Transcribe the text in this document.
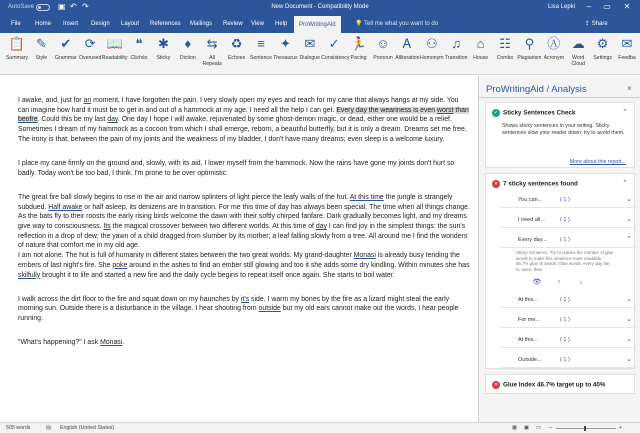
AutoSave	▣ ↶ ↷	New Document - Compatibility Mode	Lisa Lepki	–	▭	✕
File	Home	Insert	Design	Layout	References	Mailings	Review	View	Help	ProWritingAid	💡 Tell me what you want to do	⇪ Share
📋
Summary
✎
Style
✔
Grammar
⟳
Overused
📖
Readability
❝
Clichés
✱
Sticky
♦
Diction
⇆
All Repeats
♻
Echoes
≡
Sentence
✦
Thesaurus
✉
Dialogue
✓
Consistency
🏃
Pacing
☺
Pronoun
Ꭺ
Alliteration
⚇
Homonym
♫
Transition
⌂
House
☷
Combo
⚲
Plagiarism
Ⓐ
Acronym
☁
Word Cloud
⚙
Settings
✉
Feedba

I awake, and, just for an moment, I have forgotten the pain. I very slowly open my eyes and reach for my cane that always hangs at my side. You can imagine how hard it must be to get in and out of a hammock at my age. I need all the help I can get. Every day the weariness is even worst than beofre. Could this be my last day. One day I hope I will awake, rejuvenated by some ghost-demon magic, or dead, either one would be a relief. Sometimes I dream of my hammock as a cocoon from which I shall emerge, reborn, a beautiful butterfly, but it is only a dream. Dreams set me free. The irony is that, between the pain of my joints and the weakness of my bladder, I don't have many dreams; even sleep is a welcome luxury.

I place my cane firmly on the ground and, slowly, with its aid, I lower myself from the hammock. Now the rains have gone my joints don't hurt so badly. Today won't be too bad, I think. I'm prone to be over optimistic.

The great fire ball slowly begins to rise in the air and narrow splinters of light pierce the leafy walls of the hut. At this time the jungle is strangely subdued. Half awake or half asleep, its denizens are in transition. For me this time of day has always been special. The time when all things change. As the bats fly to their roosts the early rising birds welcome the dawn with their softly chirped fanfare. Dark gradually becomes light, and my dreams give way to consciousness. Its the magical crossover between two different worlds. At this time of day I can find joy in the simplest things: the sun's reflection in a drop of dew; the yawn of a child dragged from slumber by its mother; a leaf falling slowly from a tree. All around me I find the wonders of nature that comfort me in my old age.

I am not alone. The hut is full of humanity in different states between the two great worlds. My grand-daughter Monasi is already busy tending the embers of last night's fire. She poke around in the ashes to find an ember still glowing and too it she adds some dry kindling. Within minutes she has skilfully brought it to life and started a new fire and the daily cycle begins to repeat itself once again. She starts to boil water.

I walk across the dirt floor to the fire and squat down on my haunches by it's side. I warm my bones by the fire as a lizard might steal the early morning sun. Outside there is a disturbance in the village. I hear shouting from outside but my old ears cannot make out the words, I hear people running.

"What's happening?" I ask Monasi.

ProWritingAid / Analysis	×
✓ Sticky Sentences Check	⌃
Shows sticky sentences in your writing. Sticky sentences slow your reader down; try to avoid them.
More about this report...
✕ 7 sticky sentences found	⌃
You can...	( 1 )	⌄
I need all...	( 1 )	⌄
Every day... ( 1 )	⌃
Sticky Sentence. Try to reduce the number of glue words to make this sentence more readable. 66.7% glue (6 words. Glue words: every day the, is, even, than
👁 ↑	↓
At this...	( 1 )	⌄
For me...	( 1 )	⌄
At this...	( 1 )	⌄
Outside...	( 1 )	⌄
✕ Glue Index 46.7% target up to 40%
505 words	▤ English (United States)	▦ ▣ ▭ –	+
